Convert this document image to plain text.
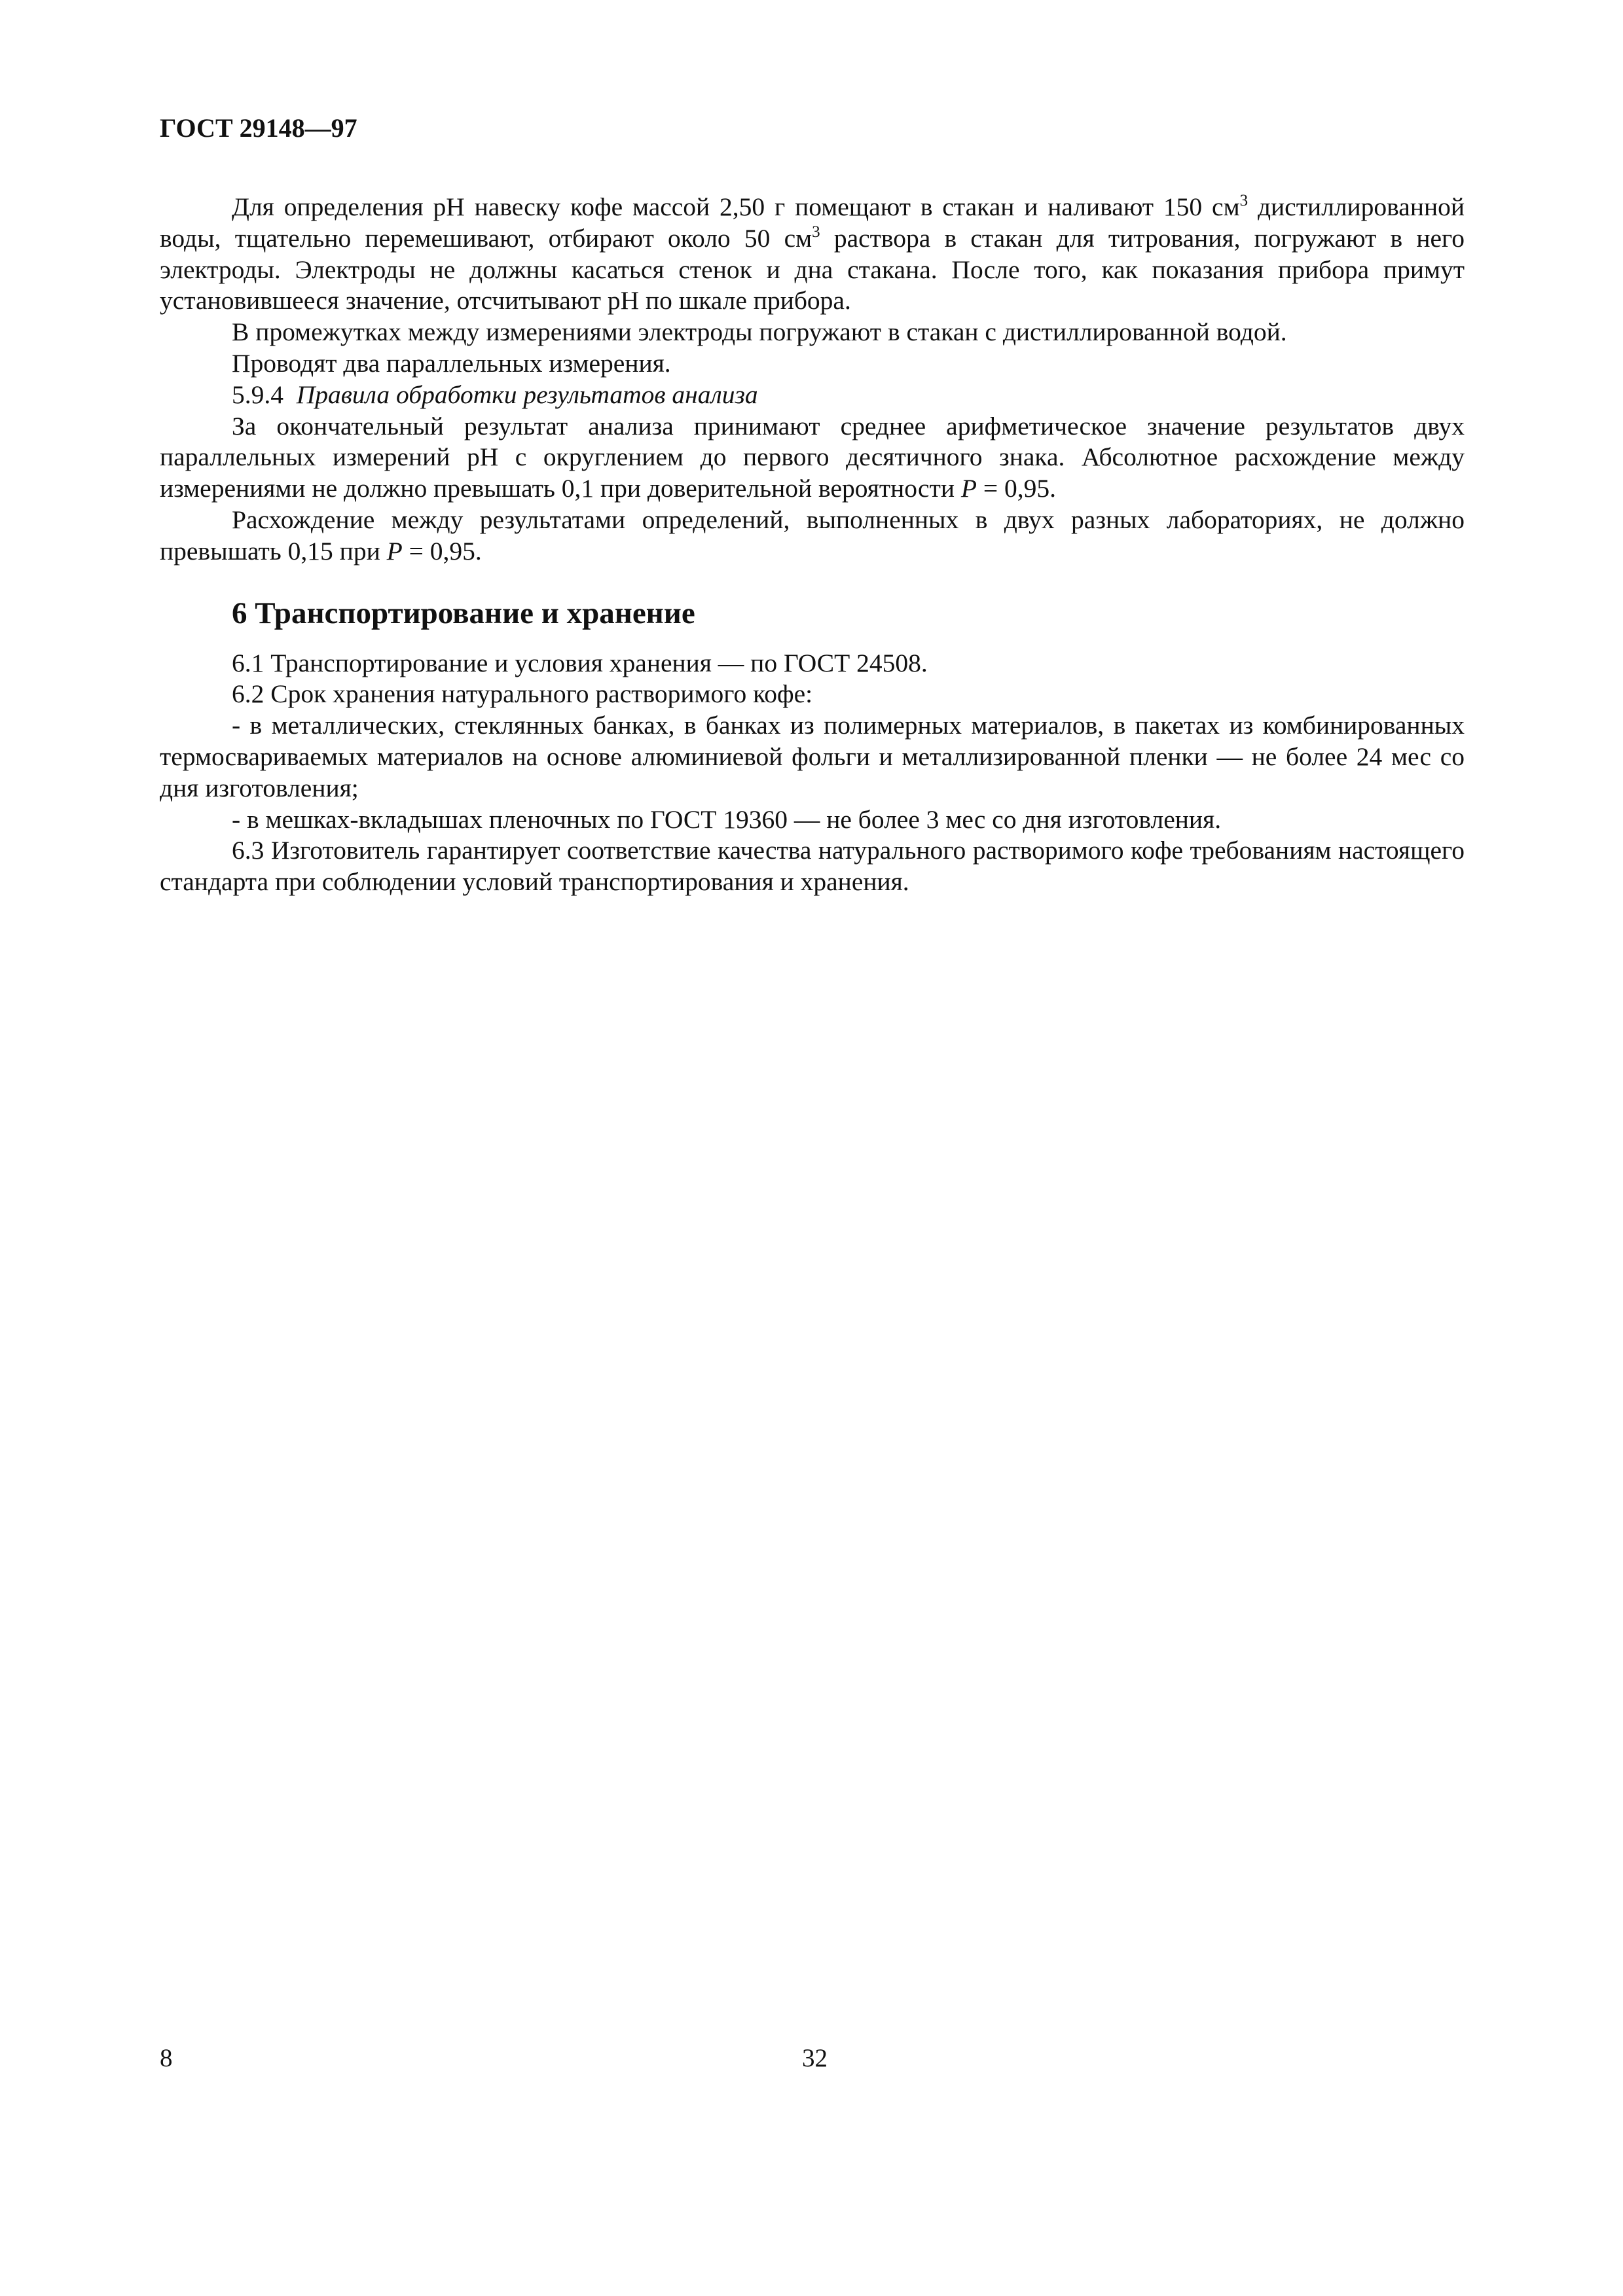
ГОСТ 29148—97

Для определения pH навеску кофе массой 2,50 г помещают в стакан и наливают 150 $см^3$ дистиллированной воды, тщательно перемешивают, отбирают около 50 $см^3$ раствора в стакан для титрования, погружают в него электроды. Электроды не должны касаться стенок и дна стакана. После того, как показания прибора примут установившееся значение, отсчитывают pH по шкале прибора.

В промежутках между измерениями электроды погружают в стакан с дистиллированной водой.

Проводят два параллельных измерения.

5.9.4 Правила обработки результатов анализа

За окончательный результат анализа принимают среднее арифметическое значение результатов двух параллельных измерений pH с округлением до первого десятичного знака. Абсолютное расхождение между измерениями не должно превышать 0,1 при доверительной вероятности P = 0,95.

Расхождение между результатами определений, выполненных в двух разных лабораториях, не должно превышать 0,15 при P = 0,95.

6 Транспортирование и хранение

6.1 Транспортирование и условия хранения — по ГОСТ 24508.

6.2 Срок хранения натурального растворимого кофе:

- в металлических, стеклянных банках, в банках из полимерных материалов, в пакетах из комбинированных термосвариваемых материалов на основе алюминиевой фольги и металлизированной пленки — не более 24 мес со дня изготовления;

- в мешках-вкладышах пленочных по ГОСТ 19360 — не более 3 мес со дня изготовления.

6.3 Изготовитель гарантирует соответствие качества натурального растворимого кофе требованиям настоящего стандарта при соблюдении условий транспортирования и хранения.

8	32
